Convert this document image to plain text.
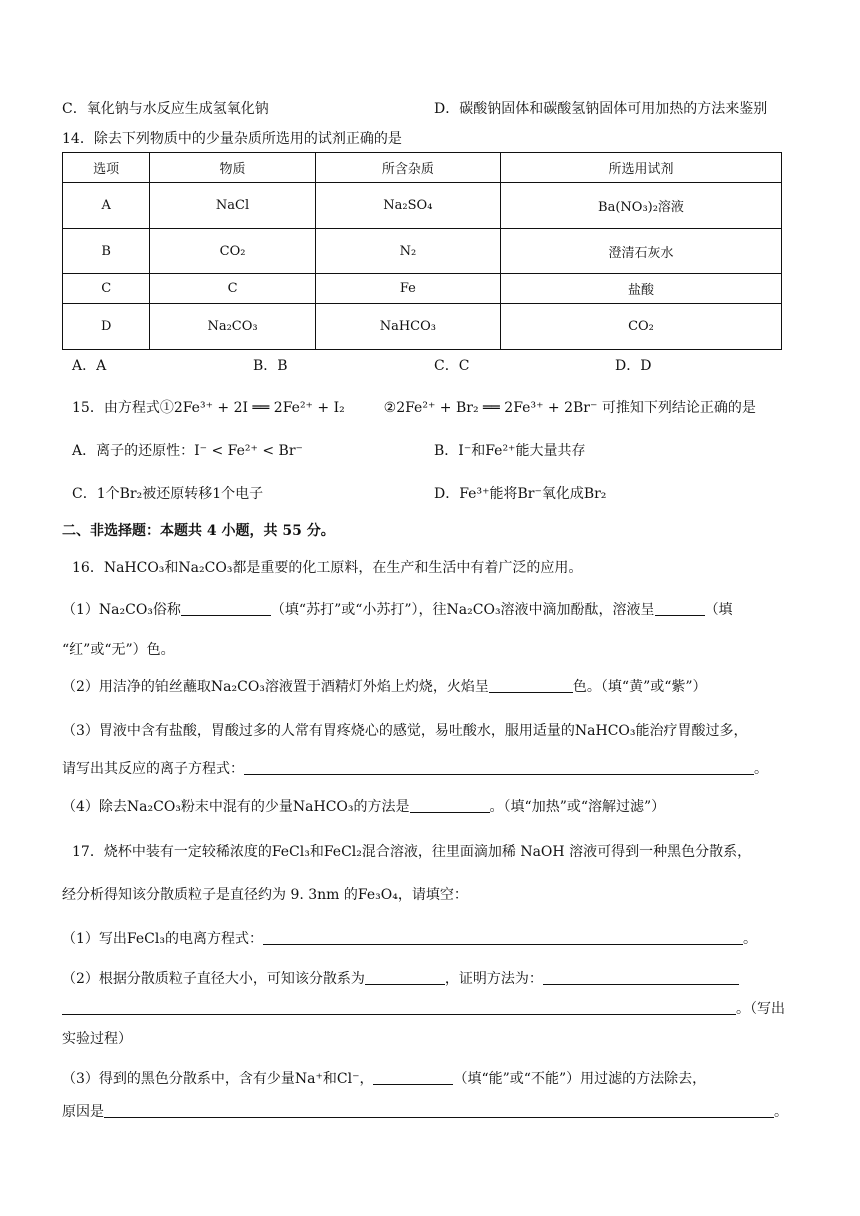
C．氧化钠与水反应生成氢氧化钠	D．碳酸钠固体和碳酸氢钠固体可用加热的方法来鉴别
14．除去下列物质中的少量杂质所选用的试剂正确的是
选项	物质	所含杂质	所选用试剂
A	NaCl	Na₂SO₄	Ba(NO₃)₂溶液
B	CO₂	N₂	澄清石灰水
C	C	Fe	盐酸
D	Na₂CO₃	NaHCO₃	CO₂
A．A	B．B	C．C	D．D
15．由方程式①2Fe³⁺ + 2I ══ 2Fe²⁺ + I₂	②2Fe²⁺ + Br₂ ══ 2Fe³⁺ + 2Br⁻ 可推知下列结论正确的是
A．离子的还原性：I⁻ < Fe²⁺ < Br⁻	B．I⁻和Fe²⁺能大量共存
C．1个Br₂被还原转移1个电子	D．Fe³⁺能将Br⁻氧化成Br₂
二、非选择题：本题共 4 小题，共 55 分。
16．NaHCO₃和Na₂CO₃都是重要的化工原料，在生产和生活中有着广泛的应用。
（1）Na₂CO₃俗称	（填“苏打”或“小苏打”），往Na₂CO₃溶液中滴加酚酞，溶液呈	（填
“红”或“无”）色。
（2）用洁净的铂丝蘸取Na₂CO₃溶液置于酒精灯外焰上灼烧，火焰呈	色。（填“黄”或“紫”）
（3）胃液中含有盐酸，胃酸过多的人常有胃疼烧心的感觉，易吐酸水，服用适量的NaHCO₃能治疗胃酸过多，
请写出其反应的离子方程式：	。
（4）除去Na₂CO₃粉末中混有的少量NaHCO₃的方法是	。（填“加热”或“溶解过滤”）
17．烧杯中装有一定较稀浓度的FeCl₃和FeCl₂混合溶液，往里面滴加稀 NaOH 溶液可得到一种黑色分散系，
经分析得知该分散质粒子是直径约为 9. 3nm 的Fe₃O₄，请填空：
（1）写出FeCl₃的电离方程式：	。
（2）根据分散质粒子直径大小，可知该分散系为	，证明方法为：
。（写出
实验过程）
（3）得到的黑色分散系中，含有少量Na⁺和Cl⁻，	（填“能”或“不能”）用过滤的方法除去，
原因是	。
